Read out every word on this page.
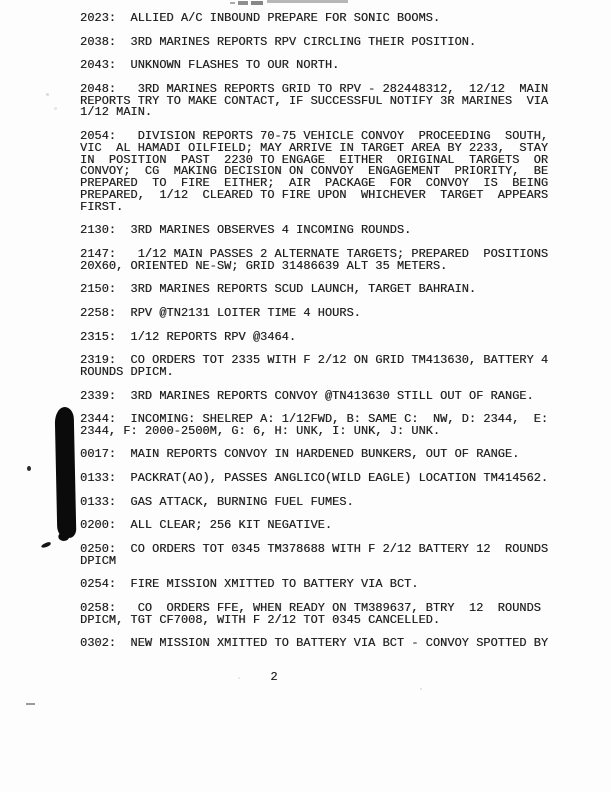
2023:  ALLIED A/C INBOUND PREPARE FOR SONIC BOOMS.
2038:  3RD MARINES REPORTS RPV CIRCLING THEIR POSITION.
2043:  UNKNOWN FLASHES TO OUR NORTH.
2048:   3RD MARINES REPORTS GRID TO RPV - 282448312,  12/12  MAIN
REPORTS TRY TO MAKE CONTACT, IF SUCCESSFUL NOTIFY 3R MARINES  VIA
1/12 MAIN.
2054:   DIVISION REPORTS 70-75 VEHICLE CONVOY  PROCEEDING  SOUTH,
VIC  AL HAMADI OILFIELD; MAY ARRIVE IN TARGET AREA BY 2233,  STAY
IN  POSITION  PAST  2230 TO ENGAGE  EITHER  ORIGINAL  TARGETS  OR
CONVOY;  CG  MAKING DECISION ON CONVOY  ENGAGEMENT  PRIORITY,  BE
PREPARED  TO  FIRE  EITHER;  AIR  PACKAGE  FOR  CONVOY  IS  BEING
PREPARED,  1/12  CLEARED TO FIRE UPON  WHICHEVER  TARGET  APPEARS
FIRST.
2130:  3RD MARINES OBSERVES 4 INCOMING ROUNDS.
2147:   1/12 MAIN PASSES 2 ALTERNATE TARGETS; PREPARED  POSITIONS
20X60, ORIENTED NE-SW; GRID 31486639 ALT 35 METERS.
2150:  3RD MARINES REPORTS SCUD LAUNCH, TARGET BAHRAIN.
2258:  RPV @TN2131 LOITER TIME 4 HOURS.
2315:  1/12 REPORTS RPV @3464.
2319:  CO ORDERS TOT 2335 WITH F 2/12 ON GRID TM413630, BATTERY 4
ROUNDS DPICM.
2339:  3RD MARINES REPORTS CONVOY @TN413630 STILL OUT OF RANGE.
2344:  INCOMING: SHELREP A: 1/12FWD, B: SAME C:  NW, D: 2344,  E:
2344, F: 2000-2500M, G: 6, H: UNK, I: UNK, J: UNK.
0017:  MAIN REPORTS CONVOY IN HARDENED BUNKERS, OUT OF RANGE.
0133:  PACKRAT(AO), PASSES ANGLICO(WILD EAGLE) LOCATION TM414562.
0133:  GAS ATTACK, BURNING FUEL FUMES.
0200:  ALL CLEAR; 256 KIT NEGATIVE.
0250:  CO ORDERS TOT 0345 TM378688 WITH F 2/12 BATTERY 12  ROUNDS
DPICM
0254:  FIRE MISSION XMITTED TO BATTERY VIA BCT.
0258:   CO  ORDERS FFE, WHEN READY ON TM389637, BTRY  12  ROUNDS
DPICM, TGT CF7008, WITH F 2/12 TOT 0345 CANCELLED.
0302:  NEW MISSION XMITTED TO BATTERY VIA BCT - CONVOY SPOTTED BY
2
